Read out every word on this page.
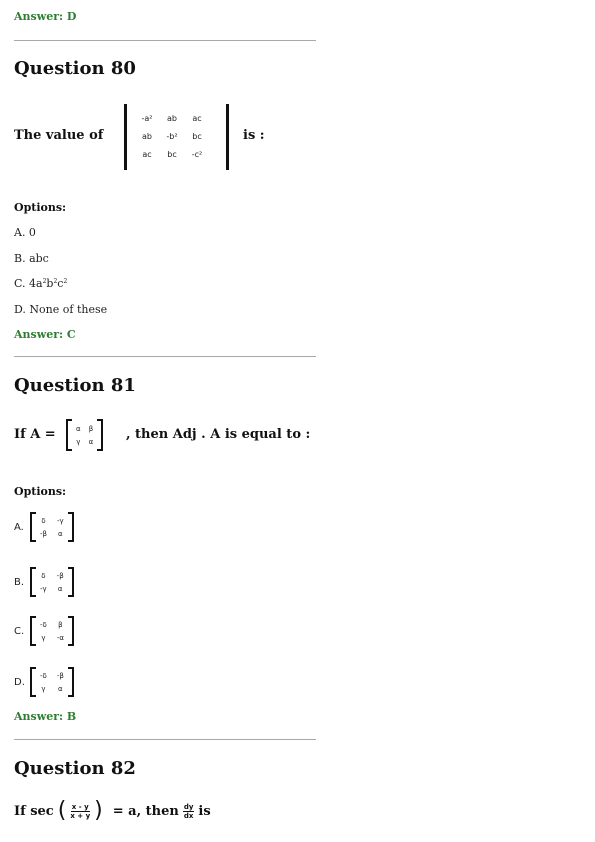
Answer: D
Question 80
The value of
-a²	ab	ac
ab	-b²	bc
ac	bc	-c²
is :
Options:
A. 0
B. abc
C. $4a^2b^2c^2$
D. None of these
Answer: C
Question 81
If A =	α β
γ α	, then Adj . A is equal to :
Options:
A.
δ -γ
-β α
B.
δ -β
-γ α
C.
-δ β
γ -α
D.
-δ -β
γ α
Answer: B
Question 82
If sec ( $\frac{x - y}{x + y}$ ) = a, then $\frac{dy}{dx}$ is
